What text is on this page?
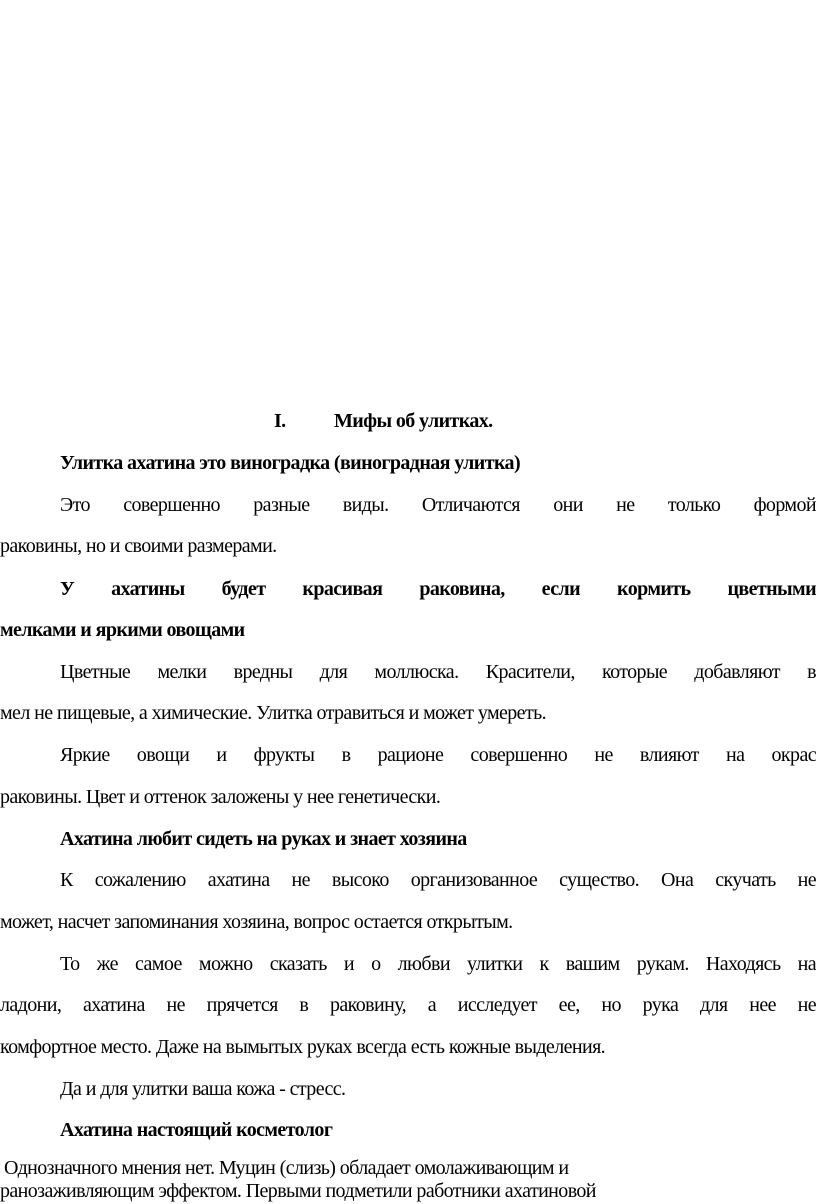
I. Мифы об улитках.
Улитка ахатина это виноградка (виноградная улитка)
Это совершенно разные виды. Отличаются они не только формой
раковины, но и своими размерами.
У ахатины будет красивая раковина, если кормить цветными
мелками и яркими овощами
Цветные мелки вредны для моллюска. Красители, которые добавляют в
мел не пищевые, а химические. Улитка отравиться и может умереть.
Яркие овощи и фрукты в рационе совершенно не влияют на окрас
раковины. Цвет и оттенок заложены у нее генетически.
Ахатина любит сидеть на руках и знает хозяина
К сожалению ахатина не высоко организованное существо. Она скучать не
может, насчет запоминания хозяина, вопрос остается открытым.
То же самое можно сказать и о любви улитки к вашим рукам. Находясь на
ладони, ахатина не прячется в раковину, а исследует ее, но рука для нее не
комфортное место. Даже на вымытых руках всегда есть кожные выделения.
Да и для улитки ваша кожа - стресс.
Ахатина настоящий косметолог
Однозначного мнения нет. Муцин (слизь) обладает омолаживающим и
ранозаживляющим эффектом. Первыми подметили работники ахатиновой
